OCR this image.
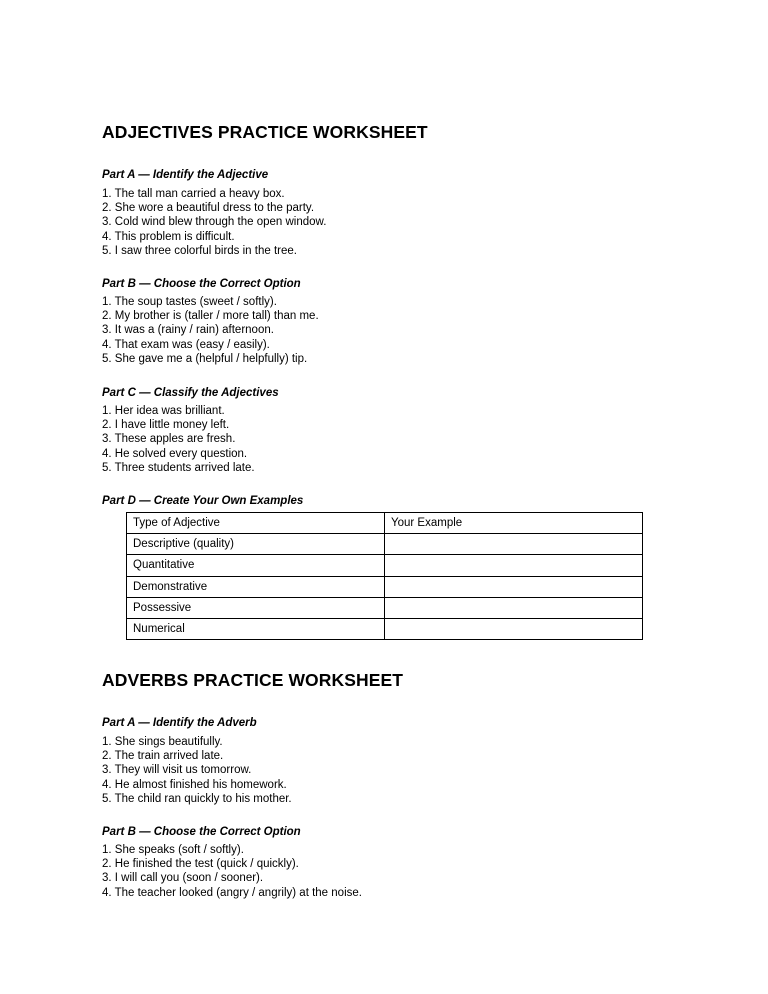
ADJECTIVES PRACTICE WORKSHEET
Part A — Identify the Adjective
1. The tall man carried a heavy box.
2. She wore a beautiful dress to the party.
3. Cold wind blew through the open window.
4. This problem is difficult.
5. I saw three colorful birds in the tree.
Part B — Choose the Correct Option
1. The soup tastes (sweet / softly).
2. My brother is (taller / more tall) than me.
3. It was a (rainy / rain) afternoon.
4. That exam was (easy / easily).
5. She gave me a (helpful / helpfully) tip.
Part C — Classify the Adjectives
1. Her idea was brilliant.
2. I have little money left.
3. These apples are fresh.
4. He solved every question.
5. Three students arrived late.
Part D — Create Your Own Examples
Type of Adjective	Your Example
Descriptive (quality)	
Quantitative	
Demonstrative	
Possessive	
Numerical	
ADVERBS PRACTICE WORKSHEET
Part A — Identify the Adverb
1. She sings beautifully.
2. The train arrived late.
3. They will visit us tomorrow.
4. He almost finished his homework.
5. The child ran quickly to his mother.
Part B — Choose the Correct Option
1. She speaks (soft / softly).
2. He finished the test (quick / quickly).
3. I will call you (soon / sooner).
4. The teacher looked (angry / angrily) at the noise.
